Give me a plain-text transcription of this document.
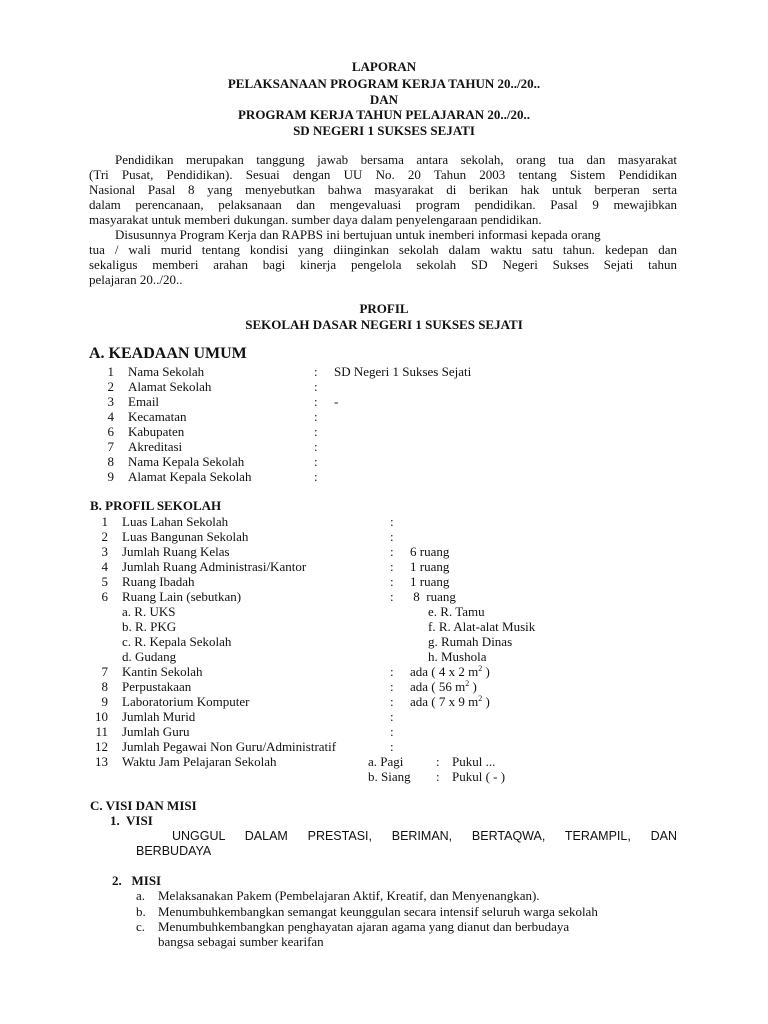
LAPORAN
PELAKSANAAN PROGRAM KERJA TAHUN 20../20..
DAN
PROGRAM KERJA TAHUN PELAJARAN 20../20..
SD NEGERI 1 SUKSES SEJATI
Pendidikan merupakan tanggung jawab bersama antara sekolah, orang tua dan masyarakat
(Tri Pusat, Pendidikan). Sesuai dengan UU No. 20 Tahun 2003 tentang Sistem Pendidikan
Nasional Pasal 8 yang menyebutkan bahwa masyarakat di berikan hak untuk berperan serta
dalam perencanaan, pelaksanaan dan mengevaluasi program pendidikan. Pasal 9 mewajibkan
masyarakat untuk memberi dukungan. sumber daya dalam penyelengaraan pendidikan.
Disusunnya Program Kerja dan RAPBS ini bertujuan untuk inemberi informasi kepada orang
tua / wali murid tentang kondisi yang diinginkan sekolah dalam waktu satu tahun. kedepan dan
sekaligus memberi arahan bagi kinerja pengelola sekolah SD Negeri Sukses Sejati tahun
pelajaran 20../20..
PROFIL
SEKOLAH DASAR NEGERI 1 SUKSES SEJATI
A. KEADAAN UMUM
1 Nama Sekolah	: SD Negeri 1 Sukses Sejati
2 Alamat Sekolah	:
3 Email	: -
4 Kecamatan	:
6 Kabupaten	:
7 Akreditasi	:
8 Nama Kepala Sekolah	:
9 Alamat Kepala Sekolah	:
B. PROFIL SEKOLAH
1 Luas Lahan Sekolah	:
2 Luas Bangunan Sekolah	:
3 Jumlah Ruang Kelas	: 6 ruang
4 Jumlah Ruang Administrasi/Kantor	: 1 ruang
5 Ruang Ibadah	: 1 ruang
6 Ruang Lain (sebutkan)	: 8  ruang
a. R. UKS	e. R. Tamu
b. R. PKG	f. R. Alat-alat Musik
c. R. Kepala Sekolah	g. Rumah Dinas
d. Gudang	h. Mushola
7 Kantin Sekolah	: ada ( 4 x 2 $m^2$ )
8 Perpustakaan	: ada ( 56 $m^2$ )
9 Laboratorium Komputer	: ada ( 7 x 9 $m^2$ )
10 Jumlah Murid	:
11 Jumlah Guru	:
12 Jumlah Pegawai Non Guru/Administratif	:
13 Waktu Jam Pelajaran Sekolah	a. Pagi	: Pukul ...
b. Siang : Pukul ( - )
C. VISI DAN MISI
1.  VISI
UNGGUL DALAM PRESTASI, BERIMAN, BERTAQWA, TERAMPIL, DAN
BERBUDAYA
2.   MISI
a. Melaksanakan Pakem (Pembelajaran Aktif, Kreatif, dan Menyenangkan).
b. Menumbuhkembangkan semangat keunggulan secara intensif seluruh warga sekolah
c. Menumbuhkembangkan penghayatan ajaran agama yang dianut dan berbudaya
bangsa sebagai sumber kearifan
